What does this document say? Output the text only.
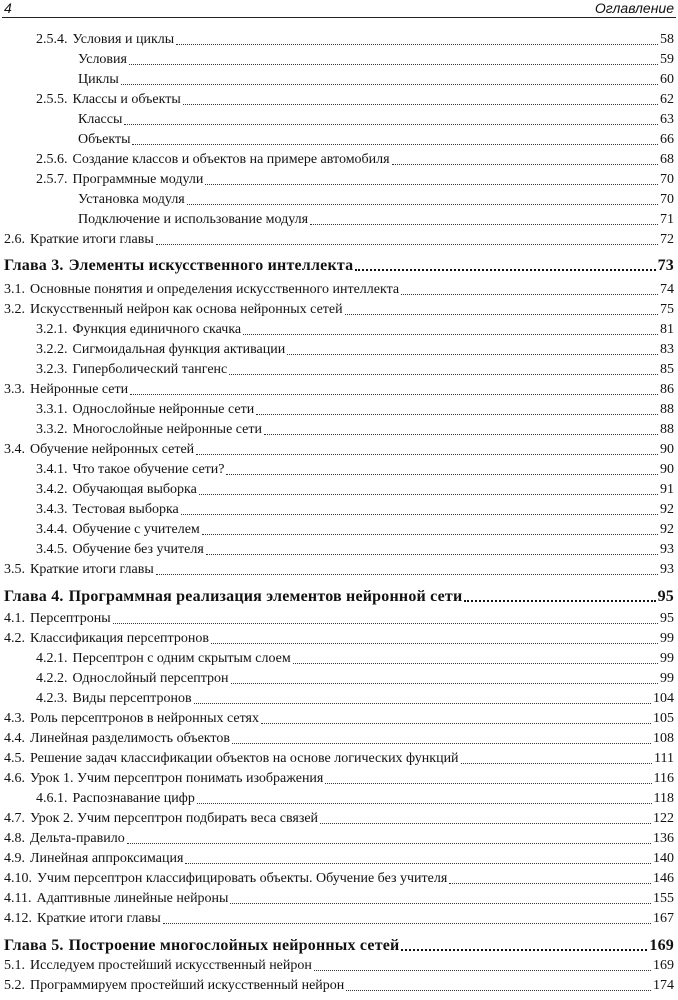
4	Оглавление
2.5.4. Условия и циклы	58
Условия	59
Циклы	60
2.5.5. Классы и объекты	62
Классы	63
Объекты	66
2.5.6. Создание классов и объектов на примере автомобиля	68
2.5.7. Программные модули	70
Установка модуля	70
Подключение и использование модуля	71
2.6. Краткие итоги главы	72
Глава 3. Элементы искусственного интеллекта	73
3.1. Основные понятия и определения искусственного интеллекта	74
3.2. Искусственный нейрон как основа нейронных сетей	75
3.2.1. Функция единичного скачка	81
3.2.2. Сигмоидальная функция активации	83
3.2.3. Гиперболический тангенс	85
3.3. Нейронные сети	86
3.3.1. Однослойные нейронные сети	88
3.3.2. Многослойные нейронные сети	88
3.4. Обучение нейронных сетей	90
3.4.1. Что такое обучение сети?	90
3.4.2. Обучающая выборка	91
3.4.3. Тестовая выборка	92
3.4.4. Обучение с учителем	92
3.4.5. Обучение без учителя	93
3.5. Краткие итоги главы	93
Глава 4. Программная реализация элементов нейронной сети	95
4.1. Персептроны	95
4.2. Классификация персептронов	99
4.2.1. Персептрон с одним скрытым слоем	99
4.2.2. Однослойный персептрон	99
4.2.3. Виды персептронов	104
4.3. Роль персептронов в нейронных сетях	105
4.4. Линейная разделимость объектов	108
4.5. Решение задач классификации объектов на основе логических функций	111
4.6. Урок 1. Учим персептрон понимать изображения	116
4.6.1. Распознавание цифр	118
4.7. Урок 2. Учим персептрон подбирать веса связей	122
4.8. Дельта-правило	136
4.9. Линейная аппроксимация	140
4.10. Учим персептрон классифицировать объекты. Обучение без учителя	146
4.11. Адаптивные линейные нейроны	155
4.12. Краткие итоги главы	167
Глава 5. Построение многослойных нейронных сетей	169
5.1. Исследуем простейший искусственный нейрон	169
5.2. Программируем простейший искусственный нейрон	174
